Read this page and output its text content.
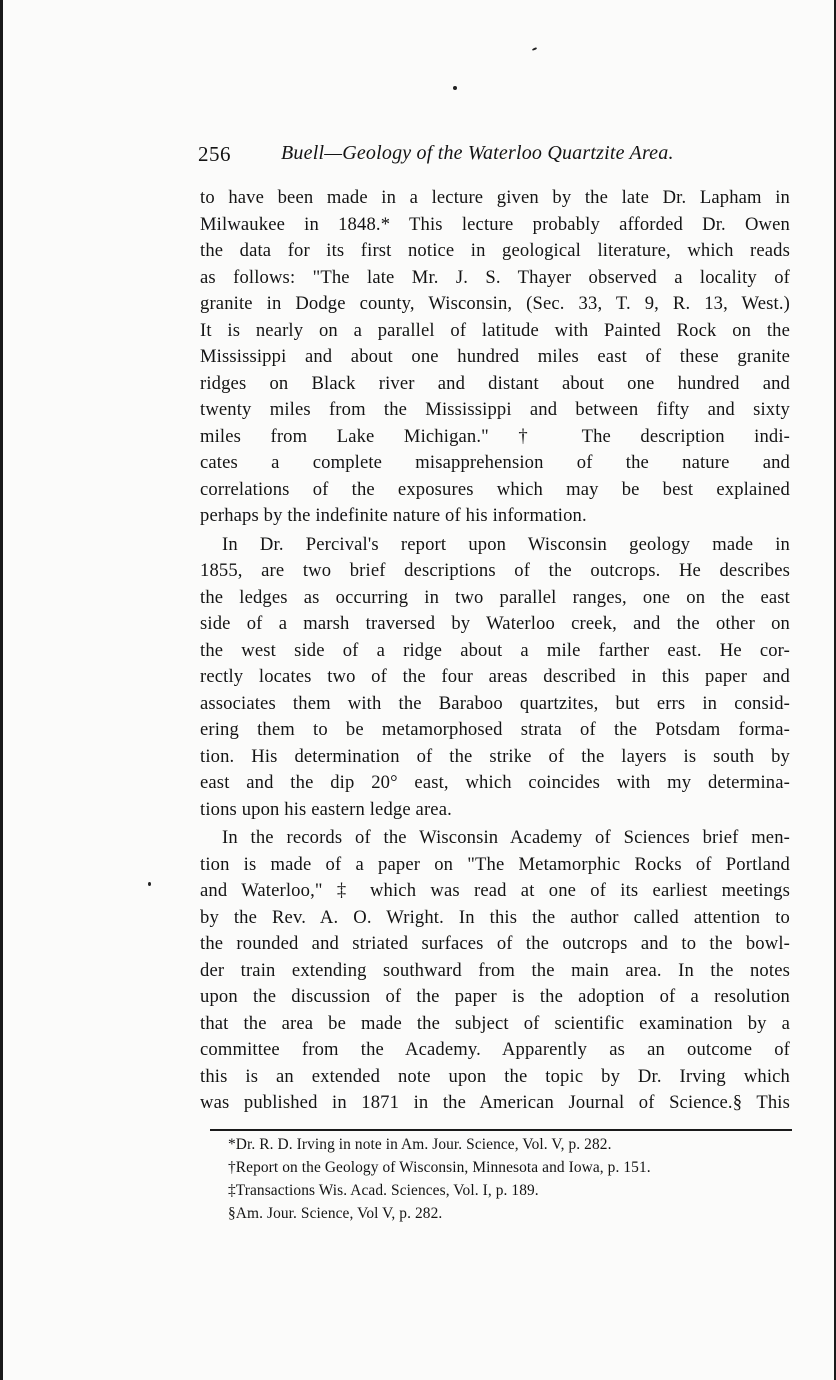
256	Buell—Geology of the Waterloo Quartzite Area.
to have been made in a lecture given by the late Dr. Lapham in
Milwaukee in 1848.* This lecture probably afforded Dr. Owen
the data for its first notice in geological literature, which reads
as follows: "The late Mr. J. S. Thayer observed a locality of
granite in Dodge county, Wisconsin, (Sec. 33, T. 9, R. 13, West.)
It is nearly on a parallel of latitude with Painted Rock on the
Mississippi and about one hundred miles east of these granite
ridges on Black river and distant about one hundred and
twenty miles from the Mississippi and between fifty and sixty
miles from Lake Michigan." † The description indi-
cates a complete misapprehension of the nature and
correlations of the exposures which may be best explained
perhaps by the indefinite nature of his information.
In Dr. Percival's report upon Wisconsin geology made in
1855, are two brief descriptions of the outcrops. He describes
the ledges as occurring in two parallel ranges, one on the east
side of a marsh traversed by Waterloo creek, and the other on
the west side of a ridge about a mile farther east. He cor-
rectly locates two of the four areas described in this paper and
associates them with the Baraboo quartzites, but errs in consid-
ering them to be metamorphosed strata of the Potsdam forma-
tion. His determination of the strike of the layers is south by
east and the dip 20° east, which coincides with my determina-
tions upon his eastern ledge area.
In the records of the Wisconsin Academy of Sciences brief men-
tion is made of a paper on "The Metamorphic Rocks of Portland
and Waterloo," ‡ which was read at one of its earliest meetings
by the Rev. A. O. Wright. In this the author called attention to
the rounded and striated surfaces of the outcrops and to the bowl-
der train extending southward from the main area. In the notes
upon the discussion of the paper is the adoption of a resolution
that the area be made the subject of scientific examination by a
committee from the Academy. Apparently as an outcome of
this is an extended note upon the topic by Dr. Irving which
was published in 1871 in the American Journal of Science.§ This
*Dr. R. D. Irving in note in Am. Jour. Science, Vol. V, p. 282.
†Report on the Geology of Wisconsin, Minnesota and Iowa, p. 151.
‡Transactions Wis. Acad. Sciences, Vol. I, p. 189.
§Am. Jour. Science, Vol V, p. 282.
